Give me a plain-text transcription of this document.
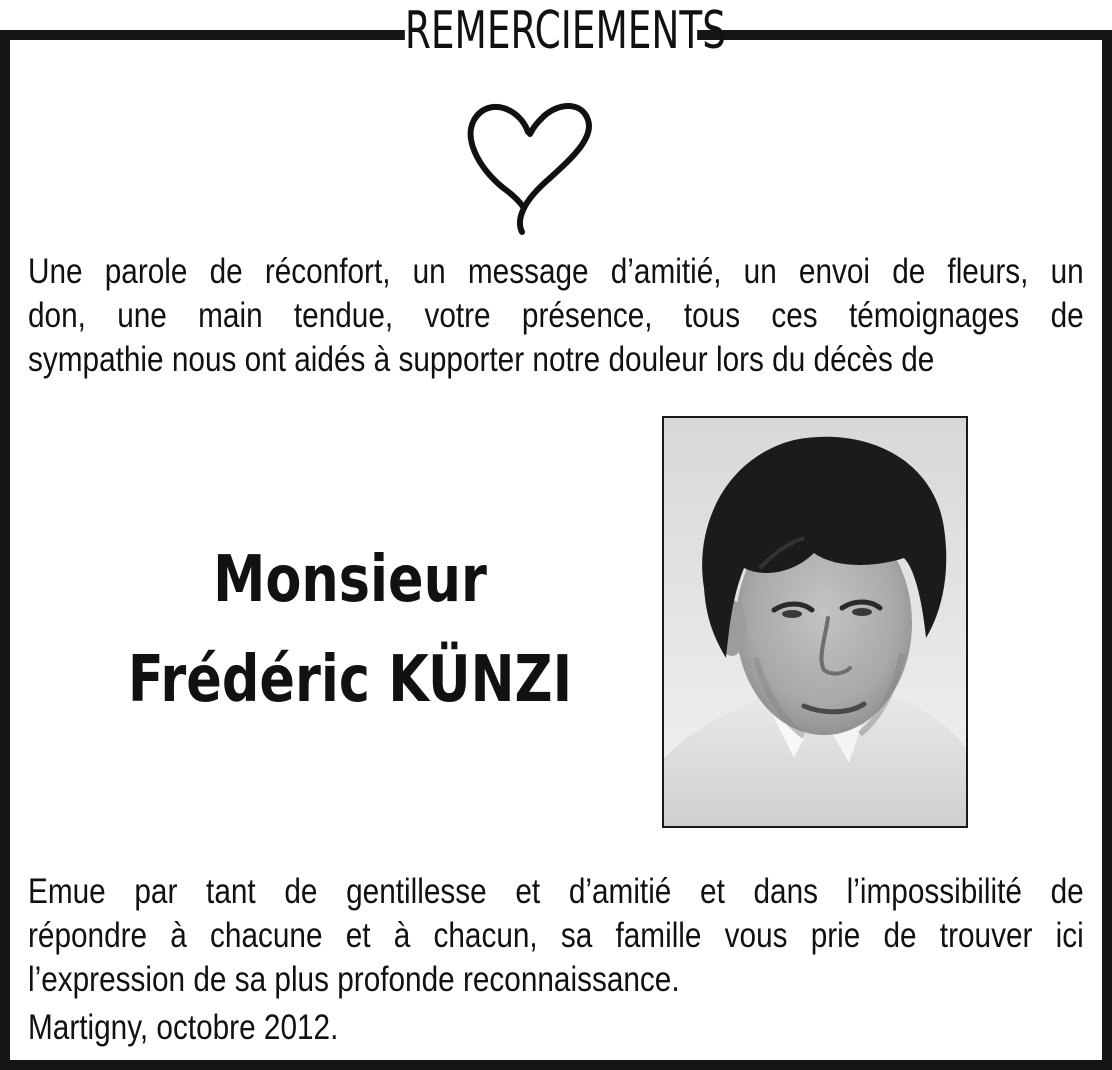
REMERCIEMENTS
Une parole de réconfort, un message d’amitié, un envoi de fleurs, un
don, une main tendue, votre présence, tous ces témoignages de
sympathie nous ont aidés à supporter notre douleur lors du décès de
Monsieur
Frédéric KÜNZI
Emue par tant de gentillesse et d’amitié et dans l’impossibilité de
répondre à chacune et à chacun, sa famille vous prie de trouver ici
l’expression de sa plus profonde reconnaissance.
Martigny, octobre 2012.
